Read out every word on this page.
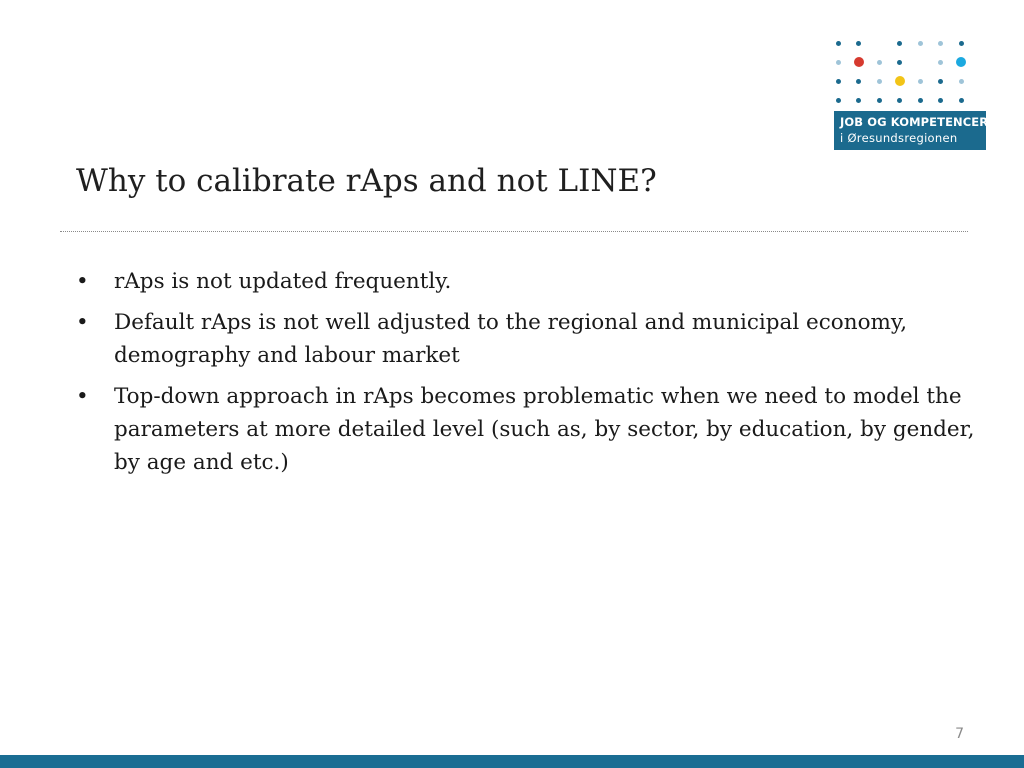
JOB OG KOMPETENCER
i Øresundsregionen
Why to calibrate rAps and not LINE?
• rAps is not updated frequently.
• Default rAps is not well adjusted to the regional and municipal economy, demography and labour market
• Top-down approach in rAps becomes problematic when we need to model the parameters at more detailed level (such as, by sector, by education, by gender, by age and etc.)
7
